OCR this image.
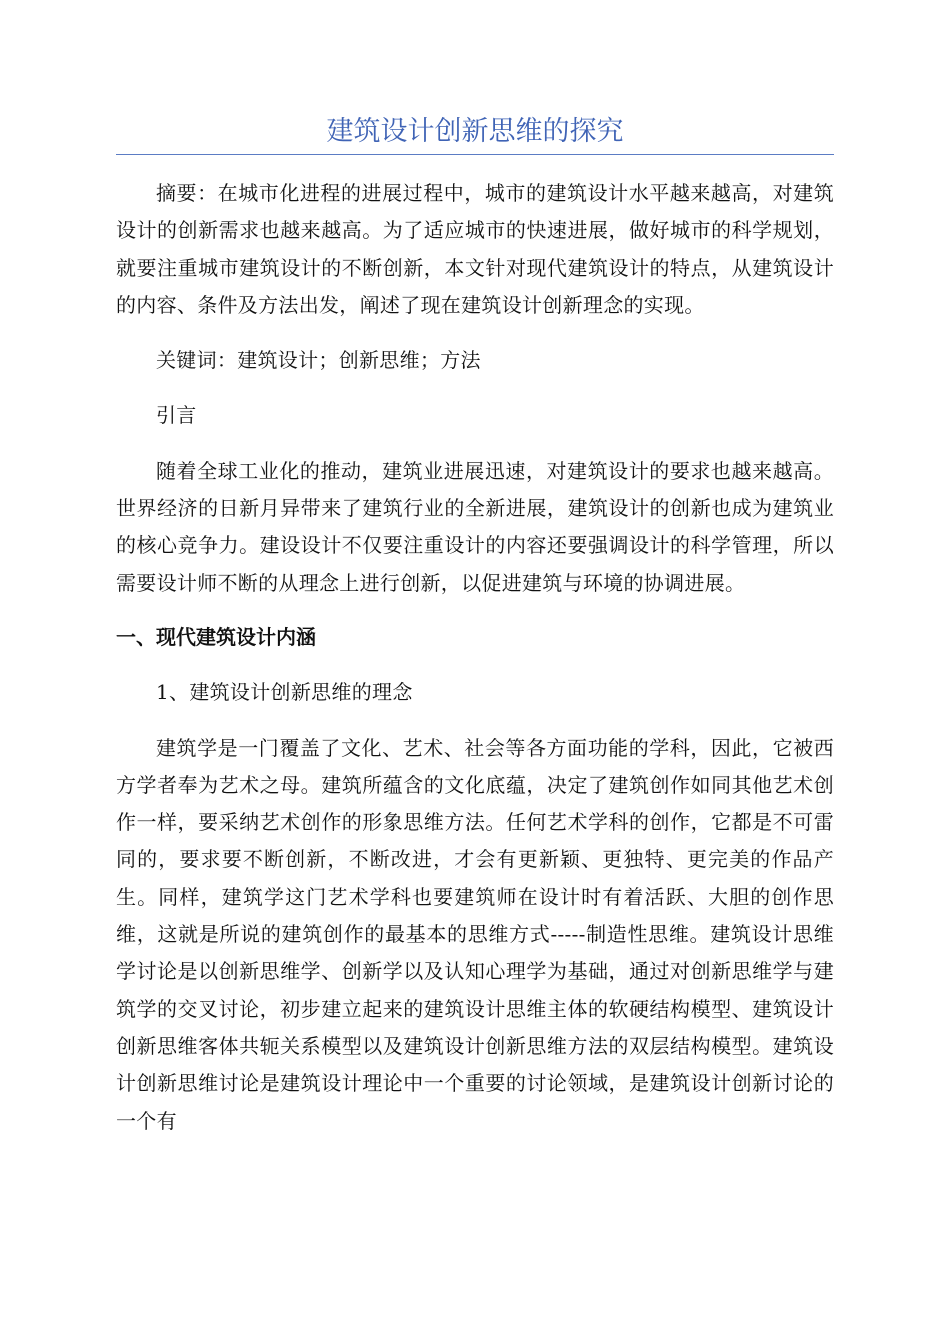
建筑设计创新思维的探究

摘要：在城市化进程的进展过程中，城市的建筑设计水平越来越高，对建筑设计的创新需求也越来越高。为了适应城市的快速进展，做好城市的科学规划，就要注重城市建筑设计的不断创新，本文针对现代建筑设计的特点，从建筑设计的内容、条件及方法出发，阐述了现在建筑设计创新理念的实现。

关键词：建筑设计；创新思维；方法

引言

随着全球工业化的推动，建筑业进展迅速，对建筑设计的要求也越来越高。世界经济的日新月异带来了建筑行业的全新进展，建筑设计的创新也成为建筑业的核心竞争力。建设设计不仅要注重设计的内容还要强调设计的科学管理，所以需要设计师不断的从理念上进行创新，以促进建筑与环境的协调进展。

一、现代建筑设计内涵

1、建筑设计创新思维的理念

建筑学是一门覆盖了文化、艺术、社会等各方面功能的学科，因此，它被西方学者奉为艺术之母。建筑所蕴含的文化底蕴，决定了建筑创作如同其他艺术创作一样，要采纳艺术创作的形象思维方法。任何艺术学科的创作，它都是不可雷同的，要求要不断创新，不断改进，才会有更新颖、更独特、更完美的作品产生。同样，建筑学这门艺术学科也要建筑师在设计时有着活跃、大胆的创作思维，这就是所说的建筑创作的最基本的思维方式-----制造性思维。建筑设计思维学讨论是以创新思维学、创新学以及认知心理学为基础，通过对创新思维学与建筑学的交叉讨论，初步建立起来的建筑设计思维主体的软硬结构模型、建筑设计创新思维客体共轭关系模型以及建筑设计创新思维方法的双层结构模型。建筑设计创新思维讨论是建筑设计理论中一个重要的讨论领域，是建筑设计创新讨论的一个有
